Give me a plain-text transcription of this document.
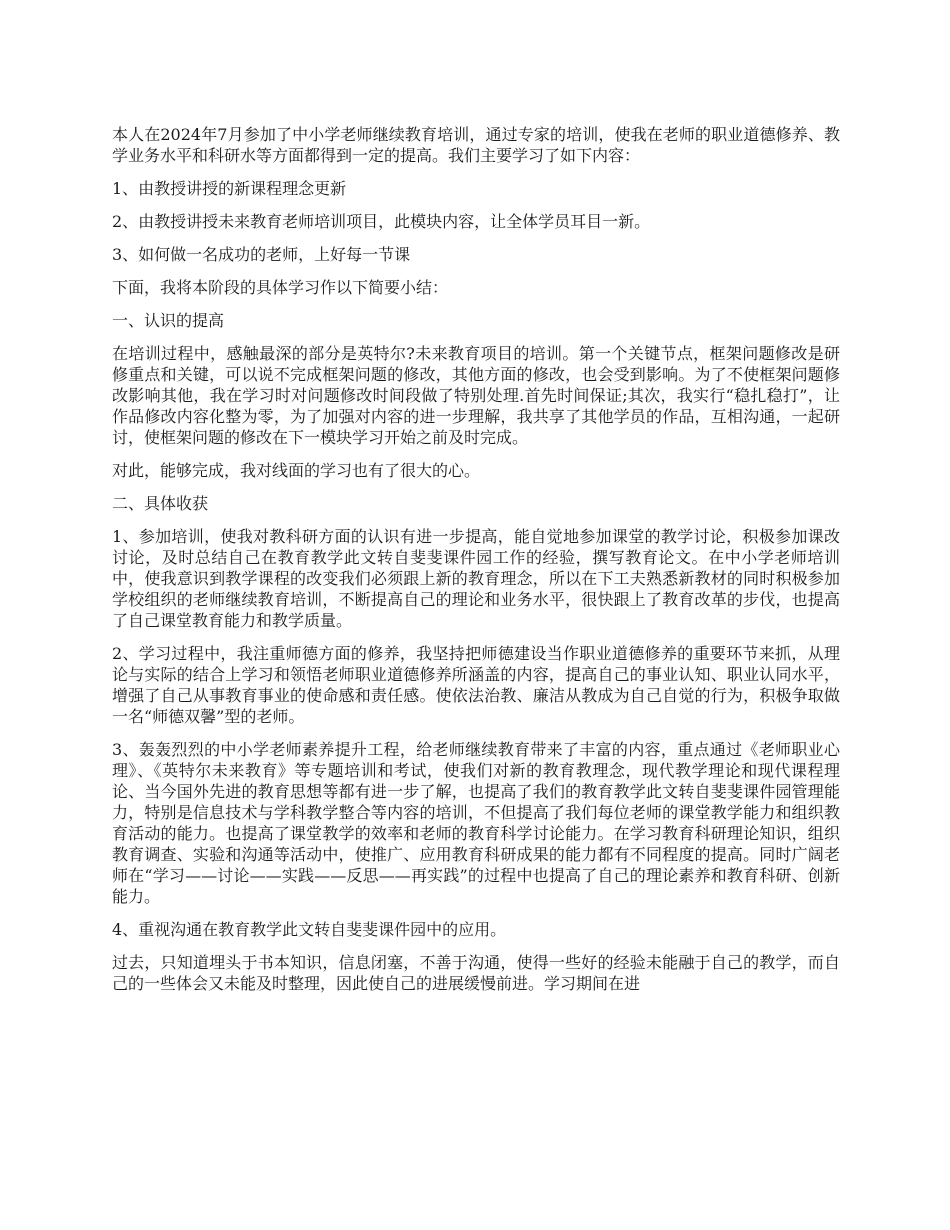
本人在2024年7月参加了中小学老师继续教育培训，通过专家的培训，使我在老师的职业道德修养、教学业务水平和科研水等方面都得到一定的提高。我们主要学习了如下内容：

1、由教授讲授的新课程理念更新

2、由教授讲授未来教育老师培训项目，此模块内容，让全体学员耳目一新。

3、如何做一名成功的老师，上好每一节课

下面，我将本阶段的具体学习作以下简要小结：

一、认识的提高

在培训过程中，感触最深的部分是英特尔?未来教育项目的培训。第一个关键节点，框架问题修改是研修重点和关键，可以说不完成框架问题的修改，其他方面的修改，也会受到影响。为了不使框架问题修改影响其他，我在学习时对问题修改时间段做了特别处理.首先时间保证;其次，我实行“稳扎稳打”，让作品修改内容化整为零，为了加强对内容的进一步理解，我共享了其他学员的作品，互相沟通，一起研讨，使框架问题的修改在下一模块学习开始之前及时完成。

对此，能够完成，我对线面的学习也有了很大的心。

二、具体收获

1、参加培训，使我对教科研方面的认识有进一步提高，能自觉地参加课堂的教学讨论，积极参加课改讨论，及时总结自己在教育教学此文转自斐斐课件园工作的经验，撰写教育论文。在中小学老师培训中，使我意识到教学课程的改变我们必须跟上新的教育理念，所以在下工夫熟悉新教材的同时积极参加学校组织的老师继续教育培训，不断提高自己的理论和业务水平，很快跟上了教育改革的步伐，也提高了自己课堂教育能力和教学质量。

2、学习过程中，我注重师德方面的修养，我坚持把师德建设当作职业道德修养的重要环节来抓，从理论与实际的结合上学习和领悟老师职业道德修养所涵盖的内容，提高自己的事业认知、职业认同水平，增强了自己从事教育事业的使命感和责任感。使依法治教、廉洁从教成为自己自觉的行为，积极争取做一名“师德双馨”型的老师。

3、轰轰烈烈的中小学老师素养提升工程，给老师继续教育带来了丰富的内容，重点通过《老师职业心理》、《英特尔未来教育》等专题培训和考试，使我们对新的教育教理念，现代教学理论和现代课程理论、当今国外先进的教育思想等都有进一步了解，也提高了我们的教育教学此文转自斐斐课件园管理能力，特别是信息技术与学科教学整合等内容的培训，不但提高了我们每位老师的课堂教学能力和组织教育活动的能力。也提高了课堂教学的效率和老师的教育科学讨论能力。在学习教育科研理论知识，组织教育调查、实验和沟通等活动中，使推广、应用教育科研成果的能力都有不同程度的提高。同时广阔老师在“学习——讨论——实践——反思——再实践”的过程中也提高了自己的理论素养和教育科研、创新能力。

4、重视沟通在教育教学此文转自斐斐课件园中的应用。

过去，只知道埋头于书本知识，信息闭塞，不善于沟通，使得一些好的经验未能融于自己的教学，而自己的一些体会又未能及时整理，因此使自己的进展缓慢前进。学习期间在进
